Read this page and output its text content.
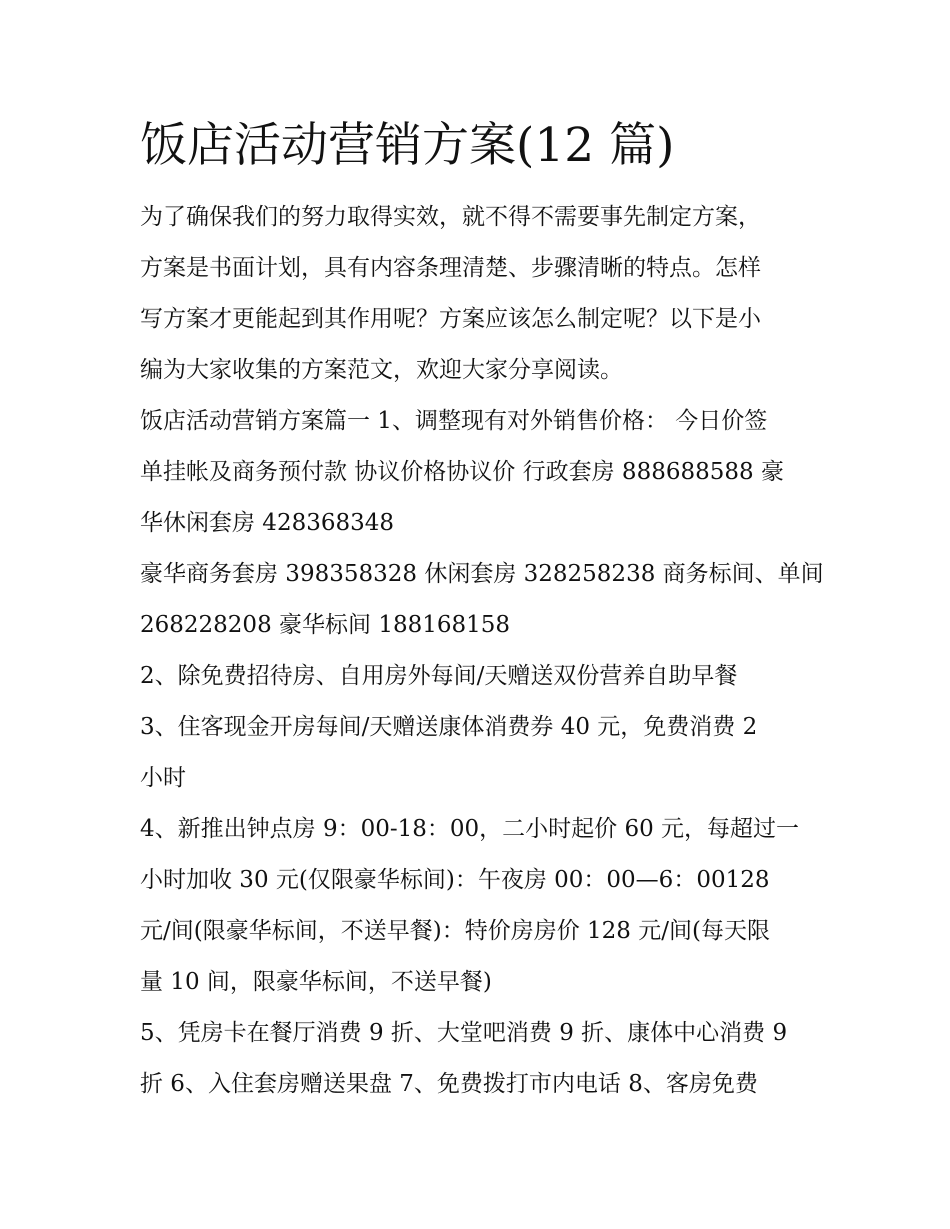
饭店活动营销方案(12 篇)
为了确保我们的努力取得实效，就不得不需要事先制定方案，
方案是书面计划，具有内容条理清楚、步骤清晰的特点。怎样
写方案才更能起到其作用呢？方案应该怎么制定呢？以下是小
编为大家收集的方案范文，欢迎大家分享阅读。
饭店活动营销方案篇一 1、调整现有对外销售价格： 今日价签
单挂帐及商务预付款 协议价格协议价 行政套房 888688588 豪
华休闲套房 428368348
豪华商务套房 398358328 休闲套房 328258238 商务标间、单间
268228208 豪华标间 188168158
2、除免费招待房、自用房外每间/天赠送双份营养自助早餐
3、住客现金开房每间/天赠送康体消费券 40 元，免费消费 2
小时
4、新推出钟点房 9：00-18：00，二小时起价 60 元，每超过一
小时加收 30 元(仅限豪华标间)：午夜房 00：00—6：00128
元/间(限豪华标间，不送早餐)：特价房房价 128 元/间(每天限
量 10 间，限豪华标间，不送早餐)
5、凭房卡在餐厅消费 9 折、大堂吧消费 9 折、康体中心消费 9
折 6、入住套房赠送果盘 7、免费拨打市内电话 8、客房免费
